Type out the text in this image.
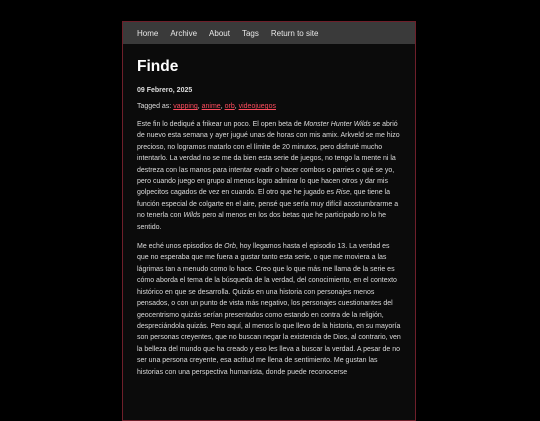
Home Archive About Tags Return to site
Finde
09 Febrero, 2025
Tagged as: vapping, anime, orb, videojuegos

Este fin lo dediqué a frikear un poco. El open beta de Monster Hunter Wilds se abrió de nuevo esta semana y ayer jugué unas de horas con mis amix. Arkveld se me hizo precioso, no logramos matarlo con el límite de 20 minutos, pero disfruté mucho intentarlo. La verdad no se me da bien esta serie de juegos, no tengo la mente ni la destreza con las manos para intentar evadir o hacer combos o parries o qué se yo, pero cuando juego en grupo al menos logro admirar lo que hacen otros y dar mis golpecitos cagados de vez en cuando. El otro que he jugado es Rise, que tiene la función especial de colgarte en el aire, pensé que sería muy difícil acostumbrarme a no tenerla con Wilds pero al menos en los dos betas que he participado no lo he sentido.

Me eché unos episodios de Orb, hoy llegamos hasta el episodio 13. La verdad es que no esperaba que me fuera a gustar tanto esta serie, o que me moviera a las lágrimas tan a menudo como lo hace. Creo que lo que más me llama de la serie es cómo aborda el tema de la búsqueda de la verdad, del conocimiento, en el contexto histórico en que se desarrolla. Quizás en una historia con personajes menos pensados, o con un punto de vista más negativo, los personajes cuestionantes del geocentrismo quizás serían presentados como estando en contra de la religión, despreciándola quizás. Pero aquí, al menos lo que llevo de la historia, en su mayoría son personas creyentes, que no buscan negar la existencia de Dios, al contrario, ven la belleza del mundo que ha creado y eso les lleva a buscar la verdad. A pesar de no ser una persona creyente, esa actitud me llena de sentimiento. Me gustan las historias con una perspectiva humanista, donde puede reconocerse
